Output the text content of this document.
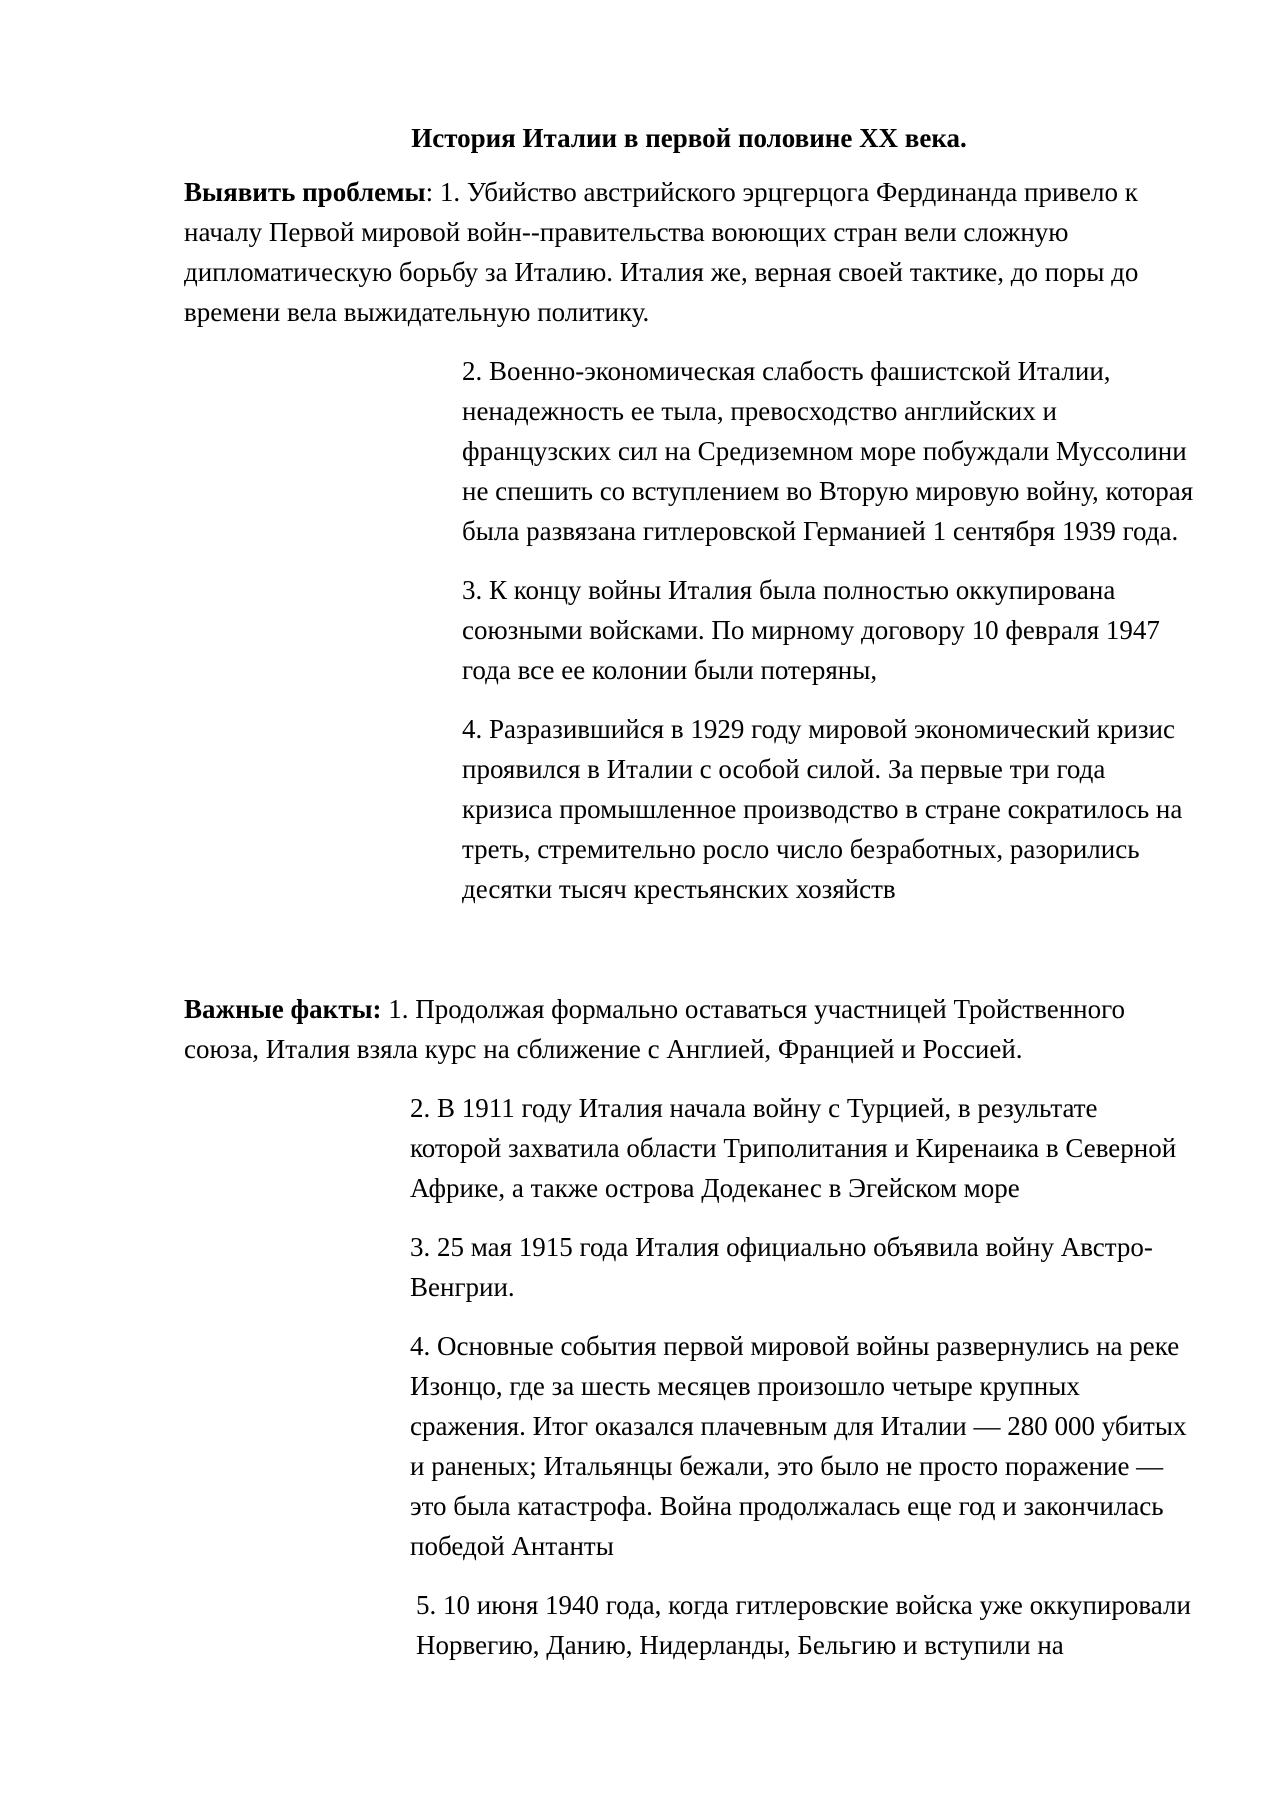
История Италии в первой половине XX века.

Выявить проблемы: 1. Убийство австрийского эрцгерцога Фердинанда привело к началу Первой мировой войн--правительства воюющих стран вели сложную дипломатическую борьбу за Италию. Италия же, верная своей тактике, до поры до времени вела выжидательную политику.

2. Военно-экономическая слабость фашистской Италии, ненадежность ее тыла, превосходство английских и французских сил на Средиземном море побуждали Муссолини не спешить со вступлением во Вторую мировую войну, которая была развязана гитлеровской Германией 1 сентября 1939 года.

3. К концу войны Италия была полностью оккупирована союзными войсками. По мирному договору 10 февраля 1947 года все ее колонии были потеряны,

4. Разразившийся в 1929 году мировой экономический кризис проявился в Италии с особой силой. За первые три года кризиса промышленное производство в стране сократилось на треть, стремительно росло число безработных, разорились десятки тысяч крестьянских хозяйств

Важные факты: 1. Продолжая формально оставаться участницей Тройственного союза, Италия взяла курс на сближение с Англией, Францией и Россией.

2. В 1911 году Италия начала войну с Турцией, в результате которой захватила области Триполитания и Киренаика в Северной Африке, а также острова Додеканес в Эгейском море

3. 25 мая 1915 года Италия официально объявила войну Австро-Венгрии.

4. Основные события первой мировой войны развернулись на реке Изонцо, где за шесть месяцев произошло четыре крупных сражения. Итог оказался плачевным для Италии — 280 000 убитых и раненых; Итальянцы бежали, это было не просто поражение — это была катастрофа. Война продолжалась еще год и закончилась победой Антанты

5. 10 июня 1940 года, когда гитлеровские войска уже оккупировали Норвегию, Данию, Нидерланды, Бельгию и вступили на
